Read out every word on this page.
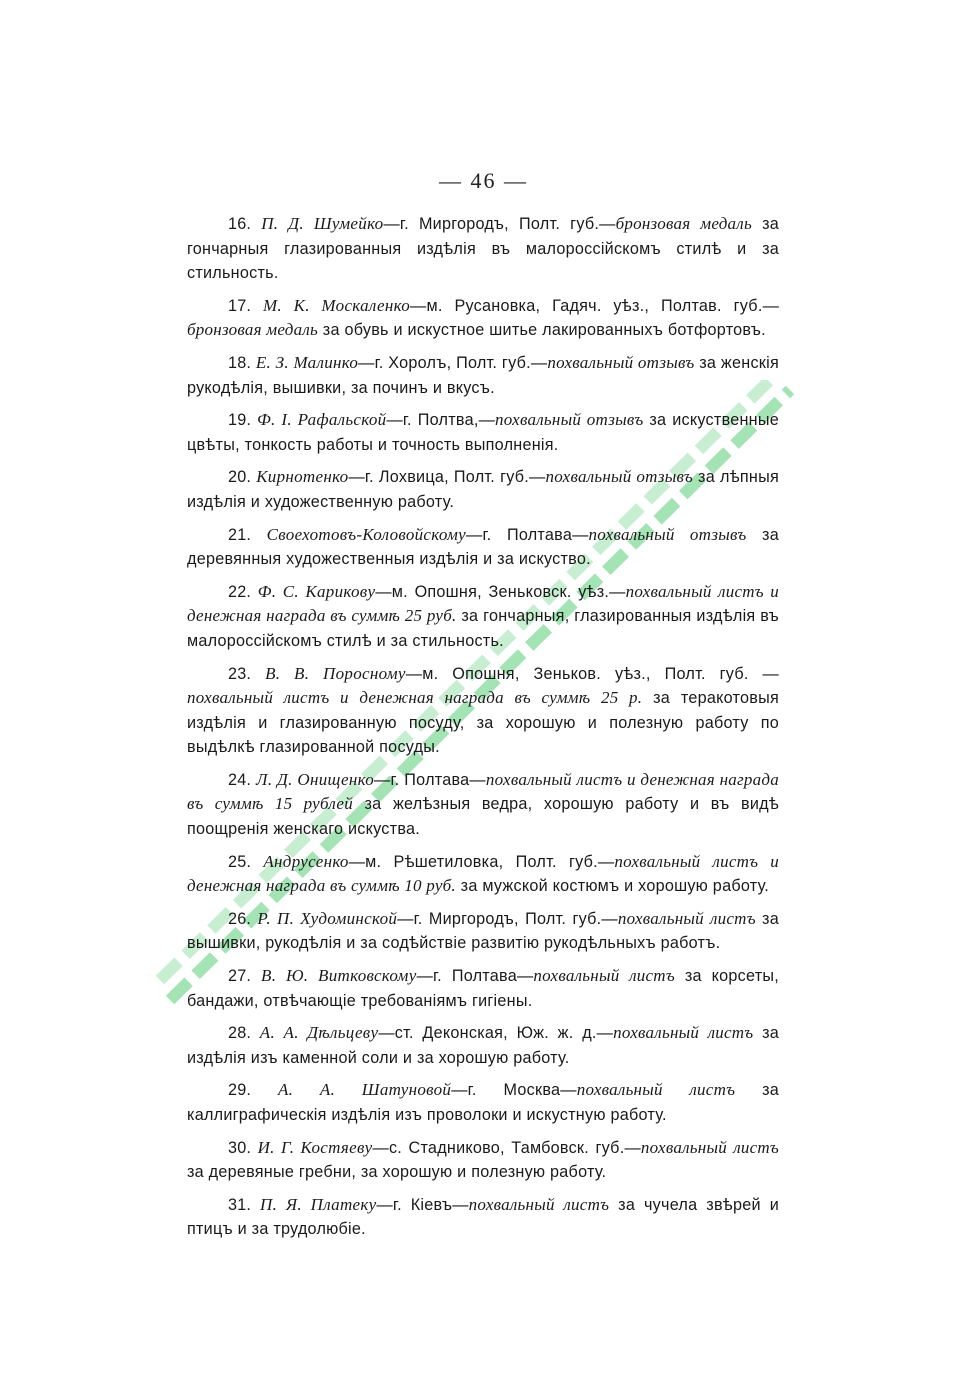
— 46 —
16. П. Д. Шумейко—г. Миргородъ, Полт. губ.—бронзовая медаль за гончарныя глазированныя издѣлія въ малороссійскомъ стилѣ и за стильность.
17. М. К. Москаленко—м. Русановка, Гадяч. уѣз., Полтав. губ.—бронзовая медаль за обувь и искустное шитье лакированныхъ ботфортовъ.
18. Е. З. Малинко—г. Хоролъ, Полт. губ.—похвальный отзывъ за женскія рукодѣлія, вышивки, за починъ и вкусъ.
19. Ф. І. Рафальской—г. Полтва,—похвальный отзывъ за искуственные цвѣты, тонкость работы и точность выполненія.
20. Кирнотенко—г. Лохвица, Полт. губ.—похвальный отзывъ за лѣпныя издѣлія и художественную работу.
21. Своехотовъ-Коловойскому—г. Полтава—похвальный отзывъ за деревянныя художественныя издѣлія и за искуство.
22. Ф. С. Карикову—м. Опошня, Зеньковск. уѣз.—похвальный листъ и денежная награда въ суммѣ 25 руб. за гончарныя, глазированныя издѣлія въ малороссійскомъ стилѣ и за стильность.
23. В. В. Поросному—м. Опошня, Зеньков. уѣз., Полт. губ. —похвальный листъ и денежная награда въ суммѣ 25 р. за теракотовыя издѣлія и глазированную посуду, за хорошую и полезную работу по выдѣлкѣ глазированной посуды.
24. Л. Д. Онищенко—г. Полтава—похвальный листъ и денежная награда въ суммѣ 15 рублей за желѣзныя ведра, хорошую работу и въ видѣ поощренія женскаго искуства.
25. Андрусенко—м. Рѣшетиловка, Полт. губ.—похвальный листъ и денежная награда въ суммѣ 10 руб. за мужской костюмъ и хорошую работу.
26. Р. П. Худоминской—г. Миргородъ, Полт. губ.—похвальный листъ за вышивки, рукодѣлія и за содѣйствіе развитію рукодѣльныхъ работъ.
27. В. Ю. Витковскому—г. Полтава—похвальный листъ за корсеты, бандажи, отвѣчающіе требованіямъ гигіены.
28. А. А. Дѣльцеву—ст. Деконская, Юж. ж. д.—похвальный листъ за издѣлія изъ каменной соли и за хорошую работу.
29. А. А. Шатуновой—г. Москва—похвальный листъ за каллиграфическія издѣлія изъ проволоки и искустную работу.
30. И. Г. Костяеву—с. Стадниково, Тамбовск. губ.—похвальный листъ за деревяные гребни, за хорошую и полезную работу.
31. П. Я. Платеку—г. Кіевъ—похвальный листъ за чучела звѣрей и птицъ и за трудолюбіе.
